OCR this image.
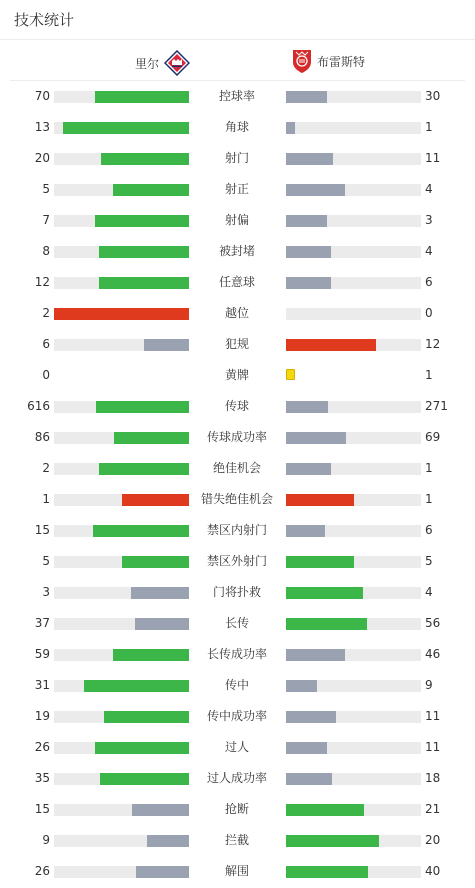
技术统计
里尔	布雷斯特
70	控球率	30
13	角球	1
20	射门	11
5	射正	4
7	射偏	3
8	被封堵	4
12	任意球	6
2	越位	0
6	犯规	12
0	黄牌	1
616	传球	271
86	传球成功率	69
2	绝佳机会	1
1	错失绝佳机会	1
15	禁区内射门	6
5	禁区外射门	5
3	门将扑救	4
37	长传	56
59	长传成功率	46
31	传中	9
19	传中成功率	11
26	过人	11
35	过人成功率	18
15	抢断	21
9	拦截	20
26	解围	40
